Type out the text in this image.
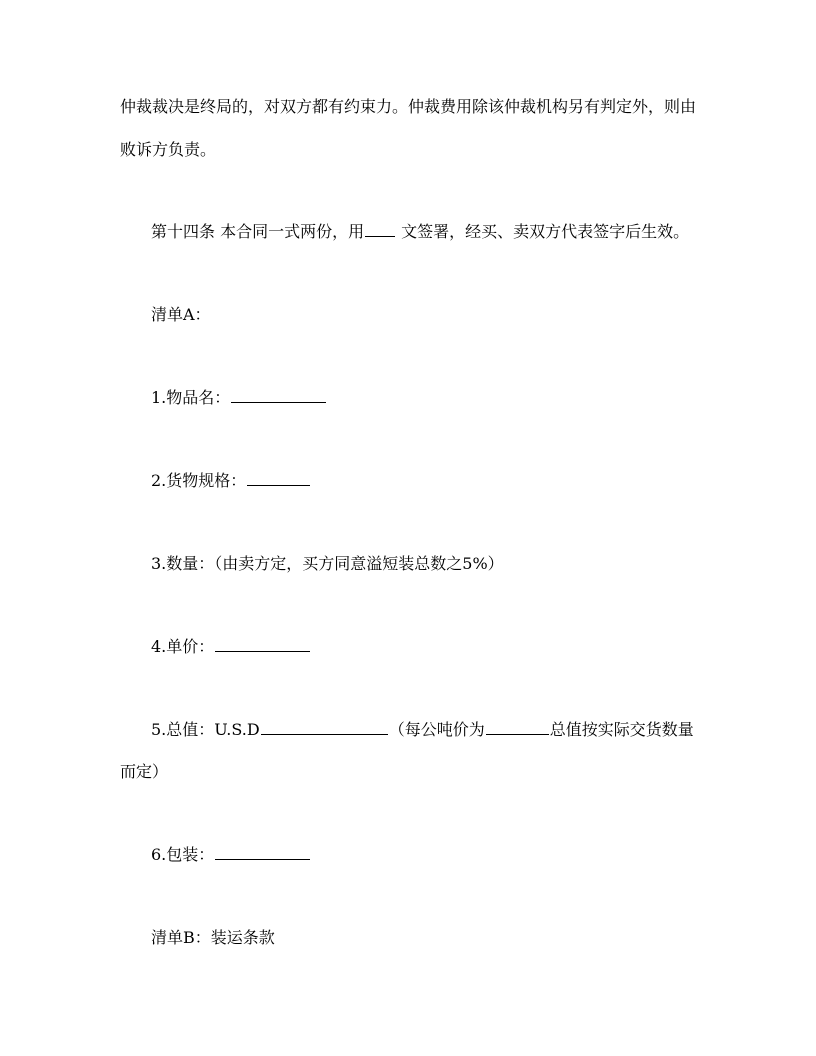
仲裁裁决是终局的，对双方都有约束力。仲裁费用除该仲裁机构另有判定外，则由
败诉方负责。
第十四条 本合同一式两份，用 文签署，经买、卖双方代表签字后生效。
清单A：
1.物品名：
2.货物规格：
3.数量：（由卖方定，买方同意溢短装总数之5%）
4.单价：
5.总值：U.S.D	（每公吨价为	总值按实际交货数量
而定）
6.包装：
清单B：装运条款
